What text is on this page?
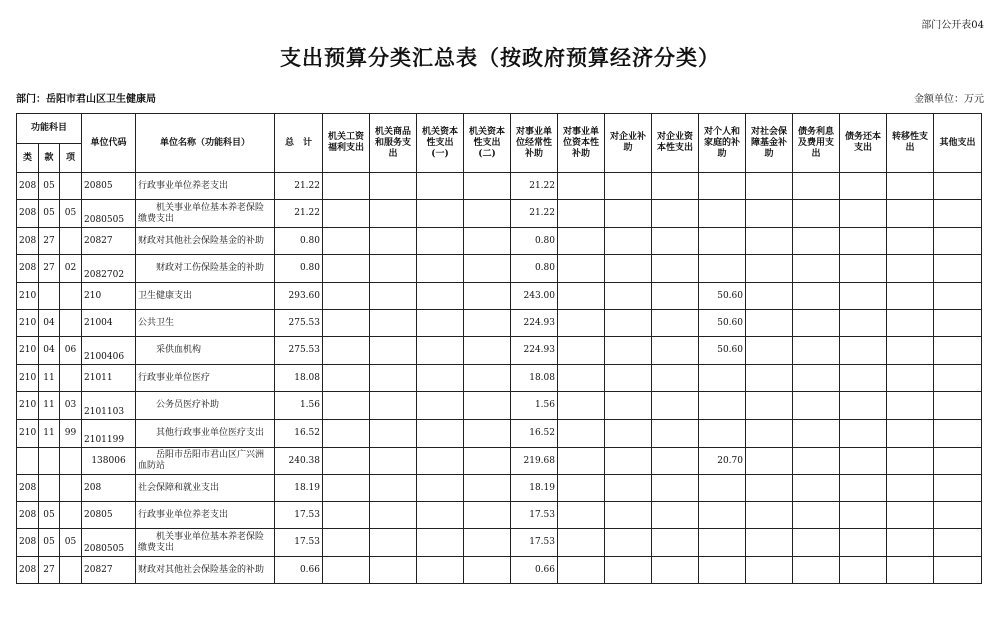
部门公开表04
支出预算分类汇总表（按政府预算经济分类）
部门：岳阳市君山区卫生健康局	金额单位：万元
功能科目			单位代码	单位名称（功能科目）	总　计	机关工资福利支出	机关商品和服务支出	机关资本性支出(一)	机关资本性支出(二)	对事业单位经常性补助	对事业单位资本性补助	对企业补助	对企业资本性支出	对个人和家庭的补助	对社会保障基金补助	债务利息及费用支出	债务还本支出	转移性支出	其他支出
类	款	项																	
208	05		20805	行政事业单位养老支出	21.22					21.22									
208	05	05	2080505	机关事业单位基本养老保险缴费支出	21.22					21.22									
208	27		20827	财政对其他社会保险基金的补助	0.80					0.80									
208	27	02	2082702	财政对工伤保险基金的补助	0.80					0.80									
210			210	卫生健康支出	293.60					243.00				50.60					
210	04		21004	公共卫生	275.53					224.93				50.60					
210	04	06	2100406	采供血机构	275.53					224.93				50.60					
210	11		21011	行政事业单位医疗	18.08					18.08									
210	11	03	2101103	公务员医疗补助	1.56					1.56									
210	11	99	2101199	其他行政事业单位医疗支出	16.52					16.52									
			138006	岳阳市岳阳市君山区广兴洲血防站	240.38					219.68				20.70					
208			208	社会保障和就业支出	18.19					18.19									
208	05		20805	行政事业单位养老支出	17.53					17.53									
208	05	05	2080505	机关事业单位基本养老保险缴费支出	17.53					17.53									
208	27		20827	财政对其他社会保险基金的补助	0.66					0.66									
